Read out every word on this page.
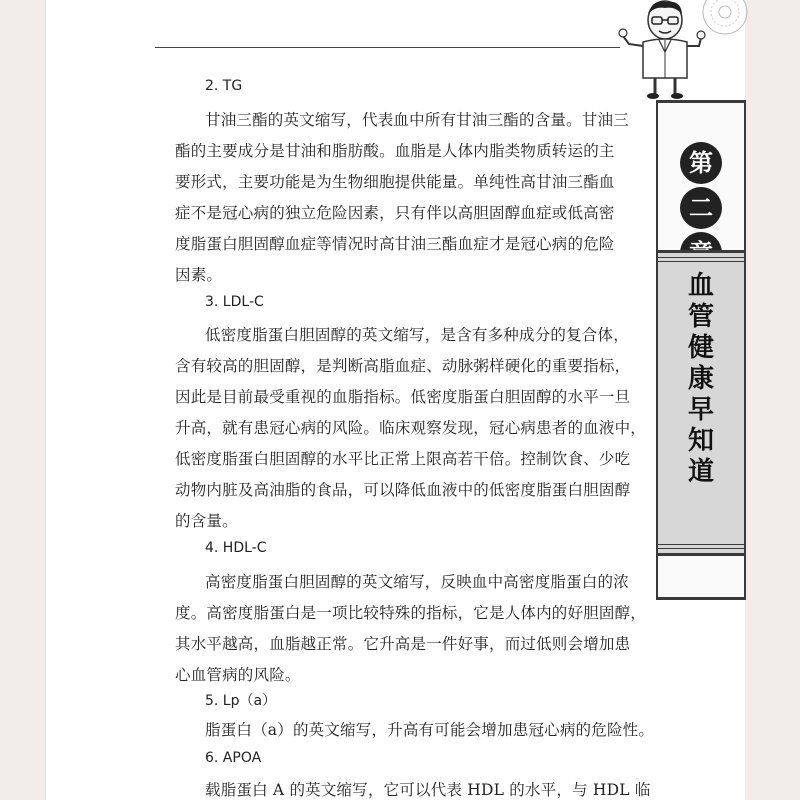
第
二
血
管
健
康
早
知
道
2. TG
甘油三酯的英文缩写，代表血中所有甘油三酯的含量。甘油三
酯的主要成分是甘油和脂肪酸。血脂是人体内脂类物质转运的主
要形式，主要功能是为生物细胞提供能量。单纯性高甘油三酯血
症不是冠心病的独立危险因素，只有伴以高胆固醇血症或低高密
度脂蛋白胆固醇血症等情况时高甘油三酯血症才是冠心病的危险
因素。
3. LDL-C
低密度脂蛋白胆固醇的英文缩写，是含有多种成分的复合体，
含有较高的胆固醇，是判断高脂血症、动脉粥样硬化的重要指标，
因此是目前最受重视的血脂指标。低密度脂蛋白胆固醇的水平一旦
升高，就有患冠心病的风险。临床观察发现，冠心病患者的血液中，
低密度脂蛋白胆固醇的水平比正常上限高若干倍。控制饮食、少吃
动物内脏及高油脂的食品，可以降低血液中的低密度脂蛋白胆固醇
的含量。
4. HDL-C
高密度脂蛋白胆固醇的英文缩写，反映血中高密度脂蛋白的浓
度。高密度脂蛋白是一项比较特殊的指标，它是人体内的好胆固醇，
其水平越高，血脂越正常。它升高是一件好事，而过低则会增加患
心血管病的风险。
5. Lp（a）
脂蛋白（a）的英文缩写，升高有可能会增加患冠心病的危险性。
6. APOA
载脂蛋白 A 的英文缩写，它可以代表 HDL 的水平，与 HDL 临
